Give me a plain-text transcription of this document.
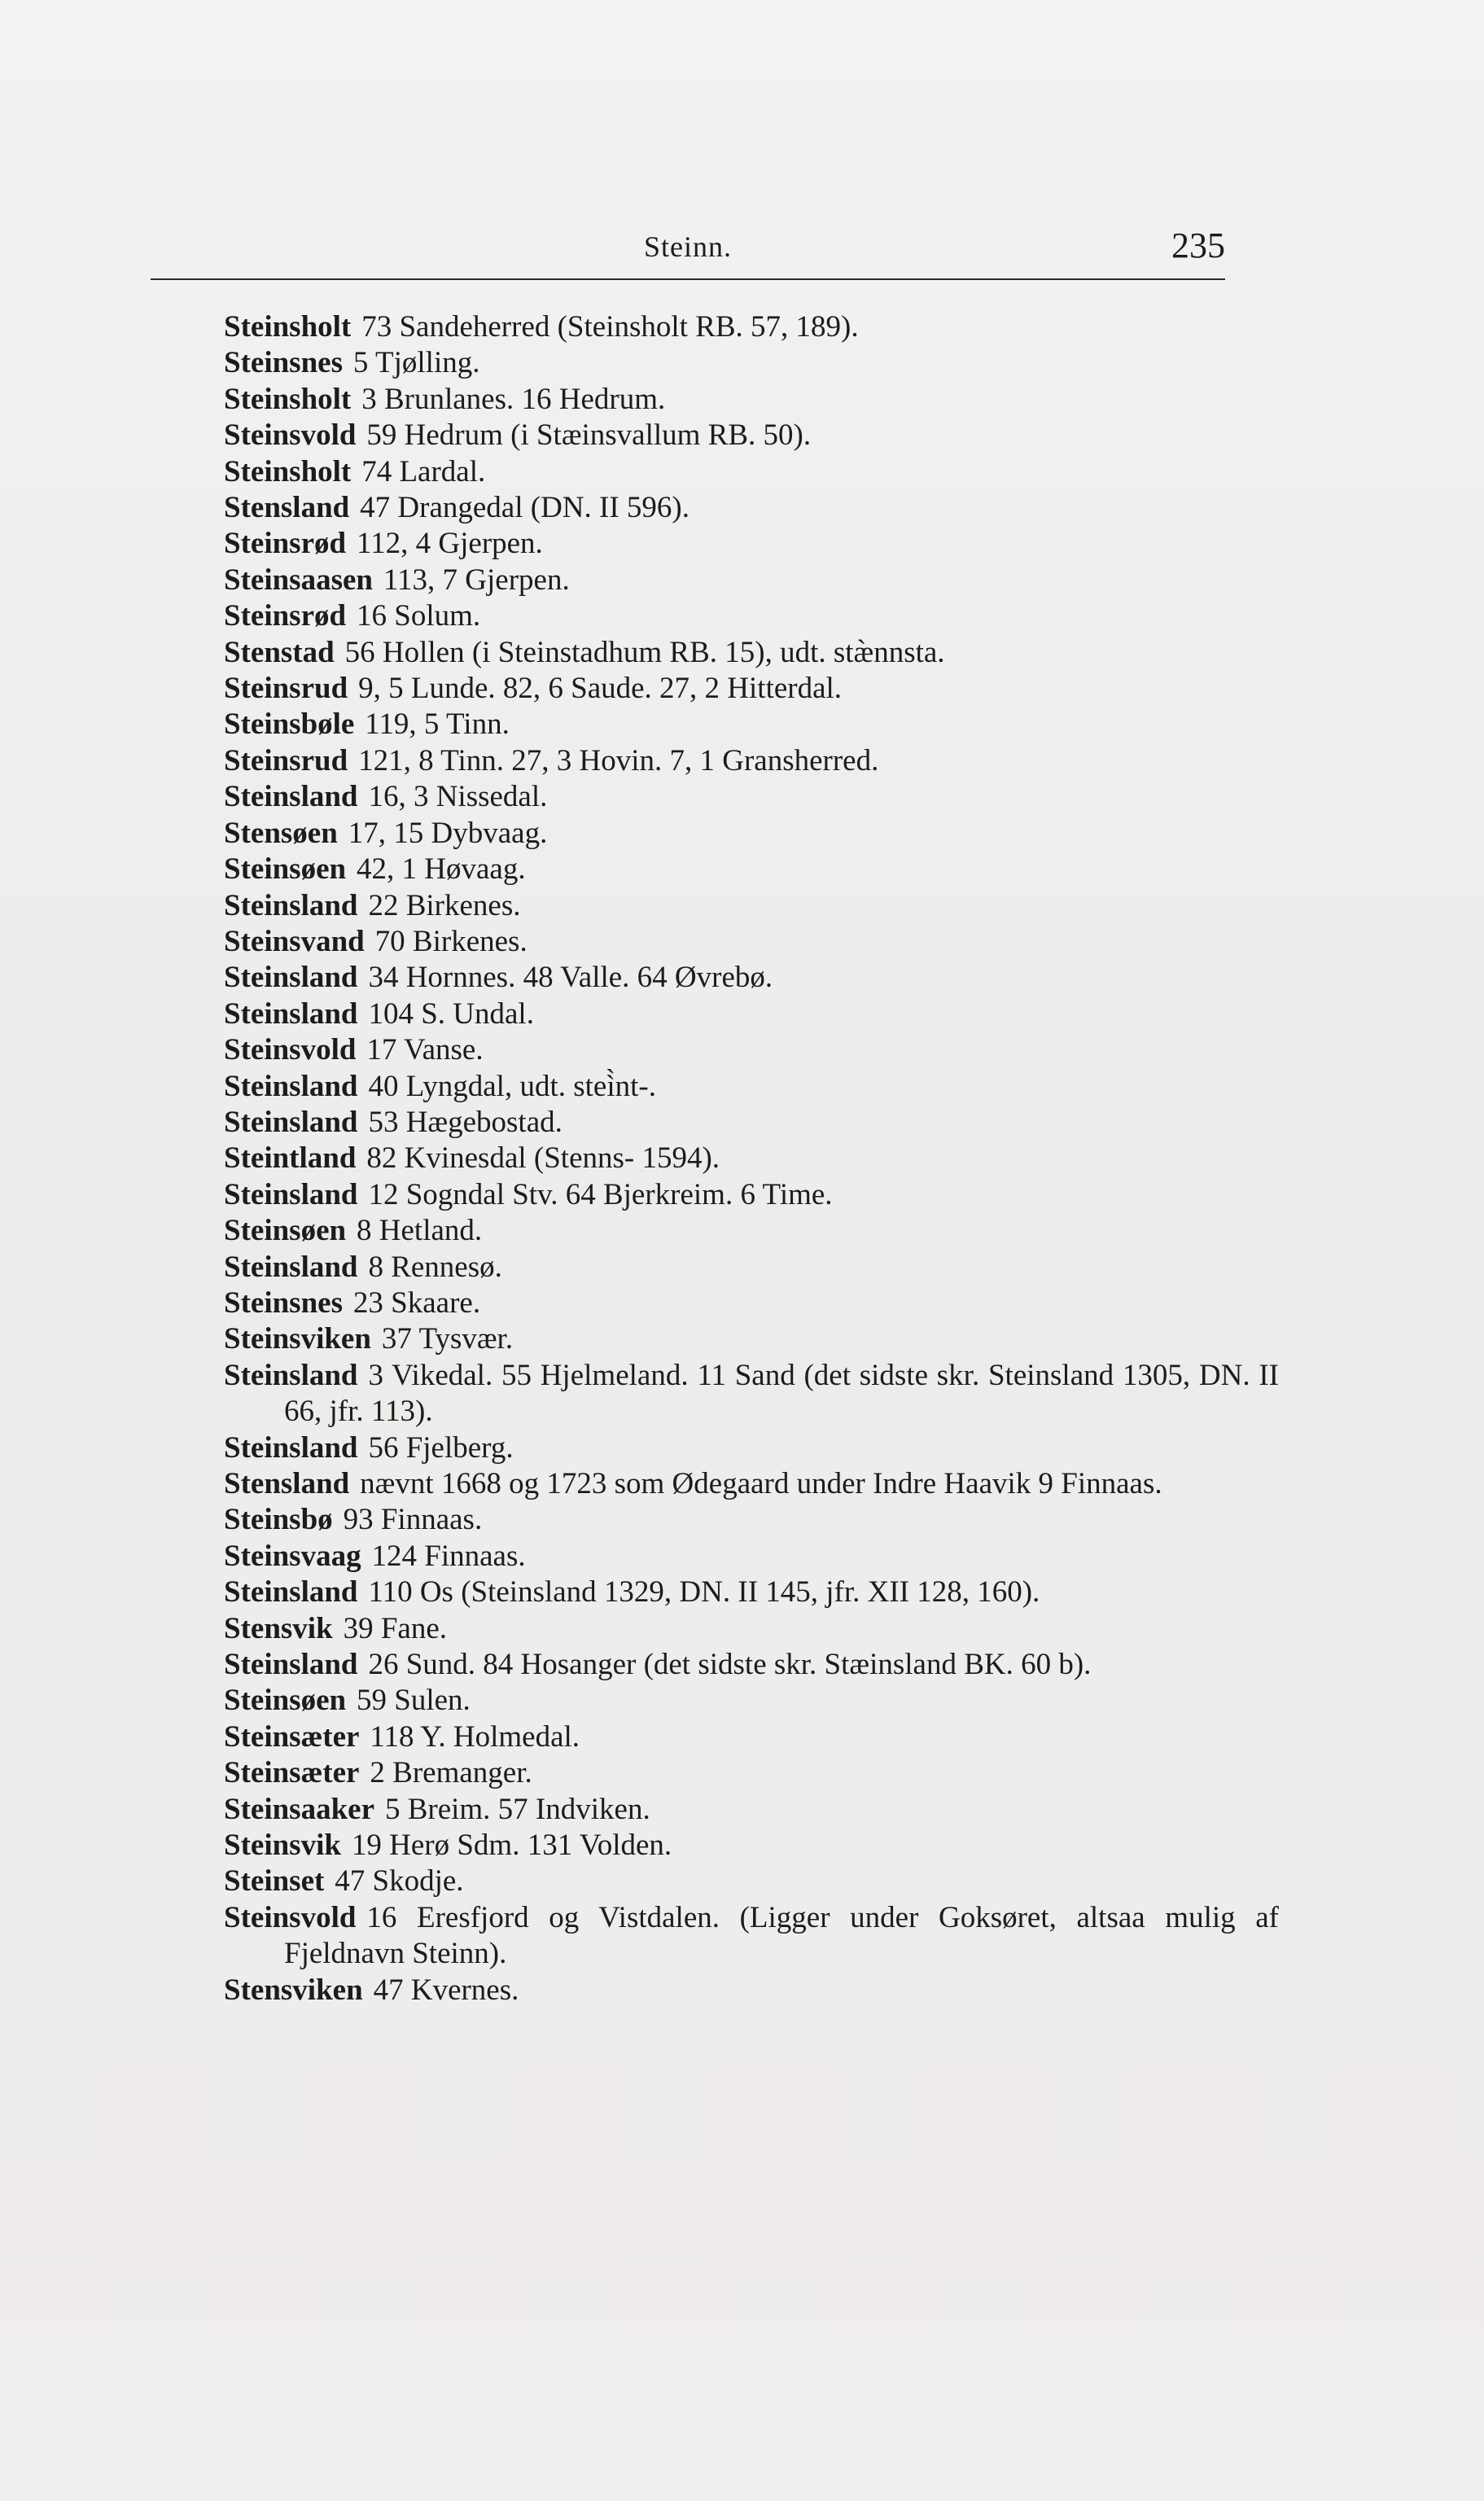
Steinn.	235
Steinsholt 73 Sandeherred (Steinsholt RB. 57, 189).
Steinsnes 5 Tjølling.
Steinsholt 3 Brunlanes. 16 Hedrum.
Steinsvold 59 Hedrum (i Stæinsvallum RB. 50).
Steinsholt 74 Lardal.
Stensland 47 Drangedal (DN. II 596).
Steinsrød 112, 4 Gjerpen.
Steinsaasen 113, 7 Gjerpen.
Steinsrød 16 Solum.
Stenstad 56 Hollen (i Steinstadhum RB. 15), udt. stæ̀nnsta.
Steinsrud 9, 5 Lunde. 82, 6 Saude. 27, 2 Hitterdal.
Steinsbøle 119, 5 Tinn.
Steinsrud 121, 8 Tinn. 27, 3 Hovin. 7, 1 Gransherred.
Steinsland 16, 3 Nissedal.
Stensøen 17, 15 Dybvaag.
Steinsøen 42, 1 Høvaag.
Steinsland 22 Birkenes.
Steinsvand 70 Birkenes.
Steinsland 34 Hornnes. 48 Valle. 64 Øvrebø.
Steinsland 104 S. Undal.
Steinsvold 17 Vanse.
Steinsland 40 Lyngdal, udt. steì̀nt-.
Steinsland 53 Hægebostad.
Steintland 82 Kvinesdal (Stenns- 1594).
Steinsland 12 Sogndal Stv. 64 Bjerkreim. 6 Time.
Steinsøen 8 Hetland.
Steinsland 8 Rennesø.
Steinsnes 23 Skaare.
Steinsviken 37 Tysvær.
Steinsland 3 Vikedal. 55 Hjelmeland. 11 Sand (det sidste skr. Steinsland 1305, DN. II 66, jfr. 113).
Steinsland 56 Fjelberg.
Stensland nævnt 1668 og 1723 som Ødegaard under Indre Haavik 9 Finnaas.
Steinsbø 93 Finnaas.
Steinsvaag 124 Finnaas.
Steinsland 110 Os (Steinsland 1329, DN. II 145, jfr. XII 128, 160).
Stensvik 39 Fane.
Steinsland 26 Sund. 84 Hosanger (det sidste skr. Stæinsland BK. 60 b).
Steinsøen 59 Sulen.
Steinsæter 118 Y. Holmedal.
Steinsæter 2 Bremanger.
Steinsaaker 5 Breim. 57 Indviken.
Steinsvik 19 Herø Sdm. 131 Volden.
Steinset 47 Skodje.
Steinsvold 16 Eresfjord og Vistdalen. (Ligger under Goksøret, altsaa mulig af Fjeldnavn Steinn).
Stensviken 47 Kvernes.
